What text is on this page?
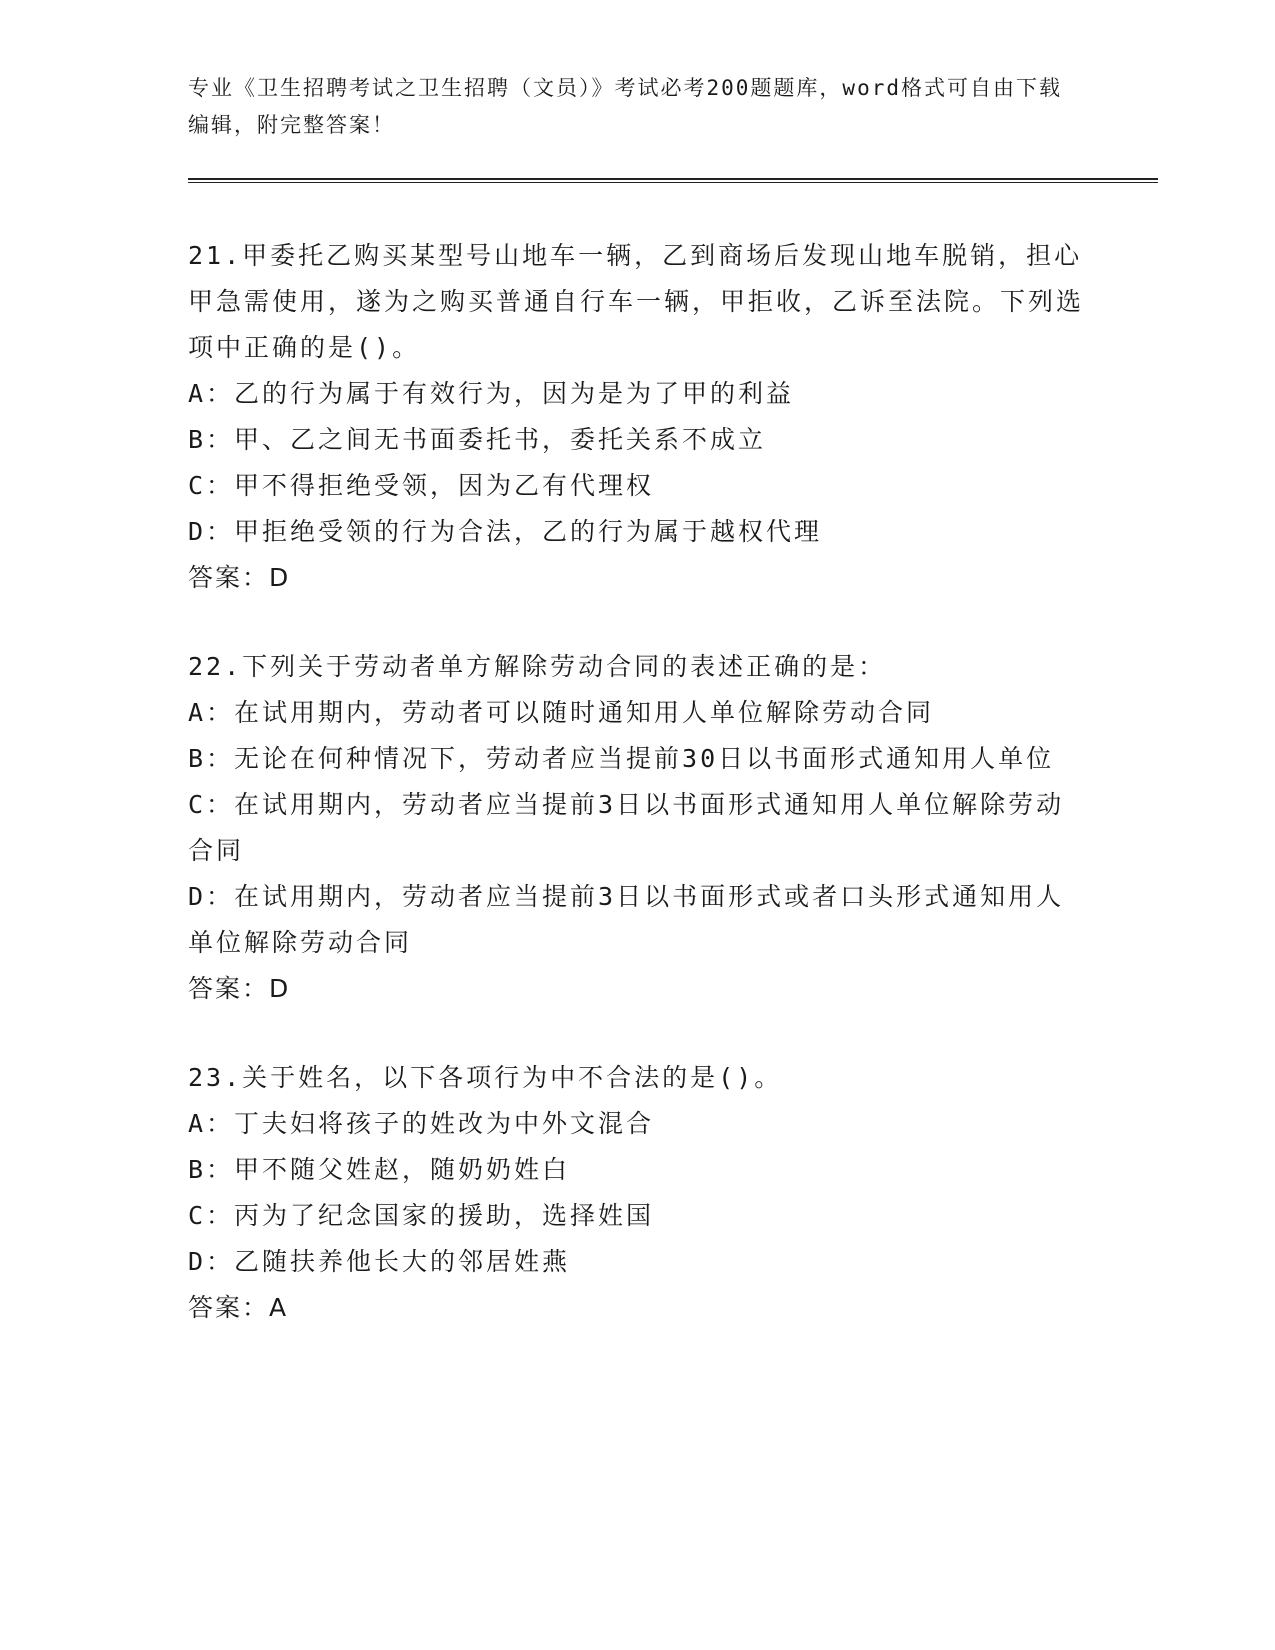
专业《卫生招聘考试之卫生招聘（文员）》考试必考200题题库，word格式可自由下载编辑，附完整答案！
21.甲委托乙购买某型号山地车一辆，乙到商场后发现山地车脱销，担心甲急需使用，遂为之购买普通自行车一辆，甲拒收，乙诉至法院。下列选项中正确的是()。
A：乙的行为属于有效行为，因为是为了甲的利益
B：甲、乙之间无书面委托书，委托关系不成立
C：甲不得拒绝受领，因为乙有代理权
D：甲拒绝受领的行为合法，乙的行为属于越权代理
答案：D
22.下列关于劳动者单方解除劳动合同的表述正确的是：
A：在试用期内，劳动者可以随时通知用人单位解除劳动合同
B：无论在何种情况下，劳动者应当提前30日以书面形式通知用人单位
C：在试用期内，劳动者应当提前3日以书面形式通知用人单位解除劳动合同
D：在试用期内，劳动者应当提前3日以书面形式或者口头形式通知用人单位解除劳动合同
答案：D
23.关于姓名，以下各项行为中不合法的是()。
A：丁夫妇将孩子的姓改为中外文混合
B：甲不随父姓赵，随奶奶姓白
C：丙为了纪念国家的援助，选择姓国
D：乙随扶养他长大的邻居姓燕
答案：A
